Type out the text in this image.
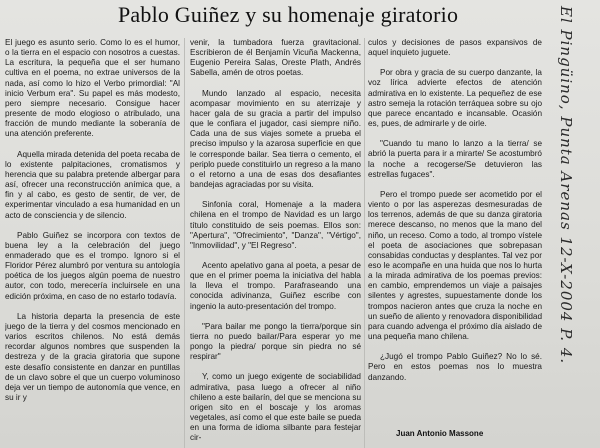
Pablo Guiñez y su homenaje giratorio

El juego es asunto serio. Como lo es el humor, o la tierra en el espacio con nosotros a cuestas. La escritura, la pequeña que el ser humano cultiva en el poema, no extrae universos de la nada, así como lo hizo el Verbo primordial: "Al inicio Verbum era". Su papel es más modesto, pero siempre necesario. Consigue hacer presente de modo elogioso o atribulado, una fracción de mundo mediante la soberanía de una atención preferente.

Aquella mirada detenida del poeta recaba de lo existente palpitaciones, cromatismos y herencia que su palabra pretende albergar para así, ofrecer una reconstrucción anímica que, a fin y al cabo, es gesto de sentir, de ver, de experimentar vinculado a esa humanidad en un acto de consciencia y de silencio.

Pablo Guiñez se incorpora con textos de buena ley a la celebración del juego enmaderado que es el trompo. Ignoro si el Floridor Pérez alumbró por ventura su antología poética de los juegos algún poema de nuestro autor, con todo, merecería incluirsele en una edición próxima, en caso de no estarlo todavía.

La historia departa la presencia de este juego de la tierra y del cosmos mencionado en varios escritos chilenos. No está demás recordar algunos nombres que suspenden la destreza y de la gracia giratoria que supone este desafío consistente en danzar en puntillas de un clavo sobre el que un cuerpo voluminoso deja ver un tiempo de autonomía que vence, en su ir y

venir, la tumbadora fuerza gravitacional. Escribieron de él Benjamín Vicuña Mackenna, Eugenio Pereira Salas, Oreste Plath, Andrés Sabella, amén de otros poetas.

Mundo lanzado al espacio, necesita acompasar movimiento en su aterrizaje y hacer gala de su gracia a partir del impulso que le confiara el jugador, casi siempre niño. Cada una de sus viajes somete a prueba el preciso impulso y la azarosa superficie en que le corresponde bailar. Sea tierra o cemento, el periplo puede constituirlo un regreso a la mano o el retorno a una de esas dos desafiantes bandejas agraciadas por su visita.

Sinfonía coral, Homenaje a la madera chilena en el trompo de Navidad es un largo título constituido de seis poemas. Ellos son: "Apertura", "Ofrecimiento", "Danza", "Vértigo", "Inmovilidad", y "El Regreso".

Acento apelativo gana al poeta, a pesar de que en el primer poema la iniciativa del habla la lleva el trompo. Parafraseando una conocida adivinanza, Guiñez escribe con ingenio la auto-presentación del trompo.

"Para bailar me pongo la tierra/porque sin tierra no puedo bailar/Para esperar yo me pongo la piedra/ porque sin piedra no sé respirar"

Y, como un juego exigente de sociabilidad admirativa, pasa luego a ofrecer al niño chileno a este bailarín, del que se menciona su origen sito en el boscaje y los aromas vegetales, así como el que este baile se pueda en una forma de idioma silbante para festejar cir-

culos y decisiones de pasos expansivos de aquel inquieto juguete.

Por obra y gracia de su cuerpo danzante, la voz lírica advierte efectos de atención admirativa en lo existente. La pequeñez de ese astro semeja la rotación terráquea sobre su ojo que parece encantado e incansable. Ocasión es, pues, de admirarle y de oirle.

"Cuando tu mano lo lanzo a la tierra/ se abrió la puerta para ir a mirarte/ Se acostumbró la noche a recogerse/Se detuvieron las estrellas fugaces".

Pero el trompo puede ser acometido por el viento o por las asperezas desmesuradas de los terrenos, además de que su danza giratoria merece descanso, no menos que la mano del niño, un receso. Como a todo, al trompo vístele el poeta de asociaciones que sobrepasan consabidas conductas y desplantes. Tal vez por eso le acompañe en una huida que nos lo hurta a la mirada admirativa de los poemas previos: en cambio, emprendemos un viaje a paisajes silentes y agrestes, supuestamente donde los trompos nacieron antes que cruza la noche en un sueño de aliento y renovadora disponibilidad para cuando advenga el próximo día aislado de una pequeña mano chilena.

¿Jugó el trompo Pablo Guiñez? No lo sé. Pero en estos poemas nos lo muestra danzando.

Juan Antonio Massone
El Pingüino, Punta Arenas 12-X-2004 P. 4.
